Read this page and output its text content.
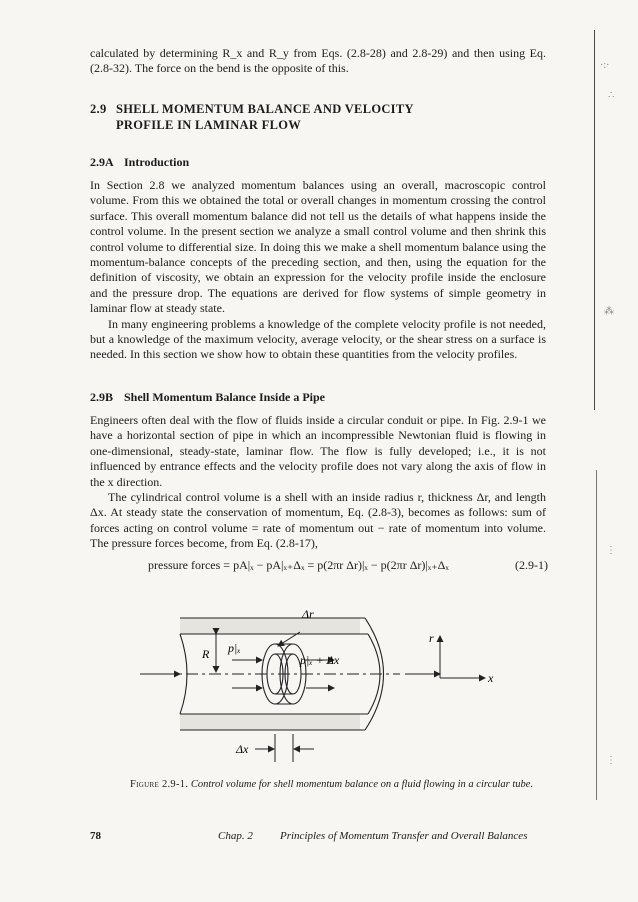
·:·
∴
⁂
⋮
⋮

calculated by determining R_x and R_y from Eqs. (2.8-28) and 2.8-29) and then using Eq. (2.8-32). The force on the bend is the opposite of this.

2.9 SHELL MOMENTUM BALANCE AND VELOCITY
PROFILE IN LAMINAR FLOW
2.9A Introduction

In Section 2.8 we analyzed momentum balances using an overall, macroscopic control volume. From this we obtained the total or overall changes in momentum crossing the control surface. This overall momentum balance did not tell us the details of what happens inside the control volume. In the present section we analyze a small control volume and then shrink this control volume to differential size. In doing this we make a shell momentum balance using the momentum-balance concepts of the preceding section, and then, using the equation for the definition of viscosity, we obtain an expression for the velocity profile inside the enclosure and the pressure drop. The equations are derived for flow systems of simple geometry in laminar flow at steady state.

In many engineering problems a knowledge of the complete velocity profile is not needed, but a knowledge of the maximum velocity, average velocity, or the shear stress on a surface is needed. In this section we show how to obtain these quantities from the velocity profiles.

2.9B Shell Momentum Balance Inside a Pipe

Engineers often deal with the flow of fluids inside a circular conduit or pipe. In Fig. 2.9-1 we have a horizontal section of pipe in which an incompressible Newtonian fluid is flowing in one-dimensional, steady-state, laminar flow. The flow is fully developed; i.e., it is not influenced by entrance effects and the velocity profile does not vary along the axis of flow in the x direction.

The cylindrical control volume is a shell with an inside radius r, thickness Δr, and length Δx. At steady state the conservation of momentum, Eq. (2.8-3), becomes as follows: sum of forces acting on control volume = rate of momentum out − rate of momentum into volume. The pressure forces become, from Eq. (2.8-17),

pressure forces = pA|ₓ − pA|ₓ₊Δₓ = p(2πr Δr)|ₓ − p(2πr Δr)|ₓ₊Δₓ	(2.9-1)
R
Δr
p|ₓ
p|ₓ + Δx
r
x
Δx
Figure 2.9-1. Control volume for shell momentum balance on a fluid flowing in a circular tube.
78	Chap. 2 Principles of Momentum Transfer and Overall Balances
